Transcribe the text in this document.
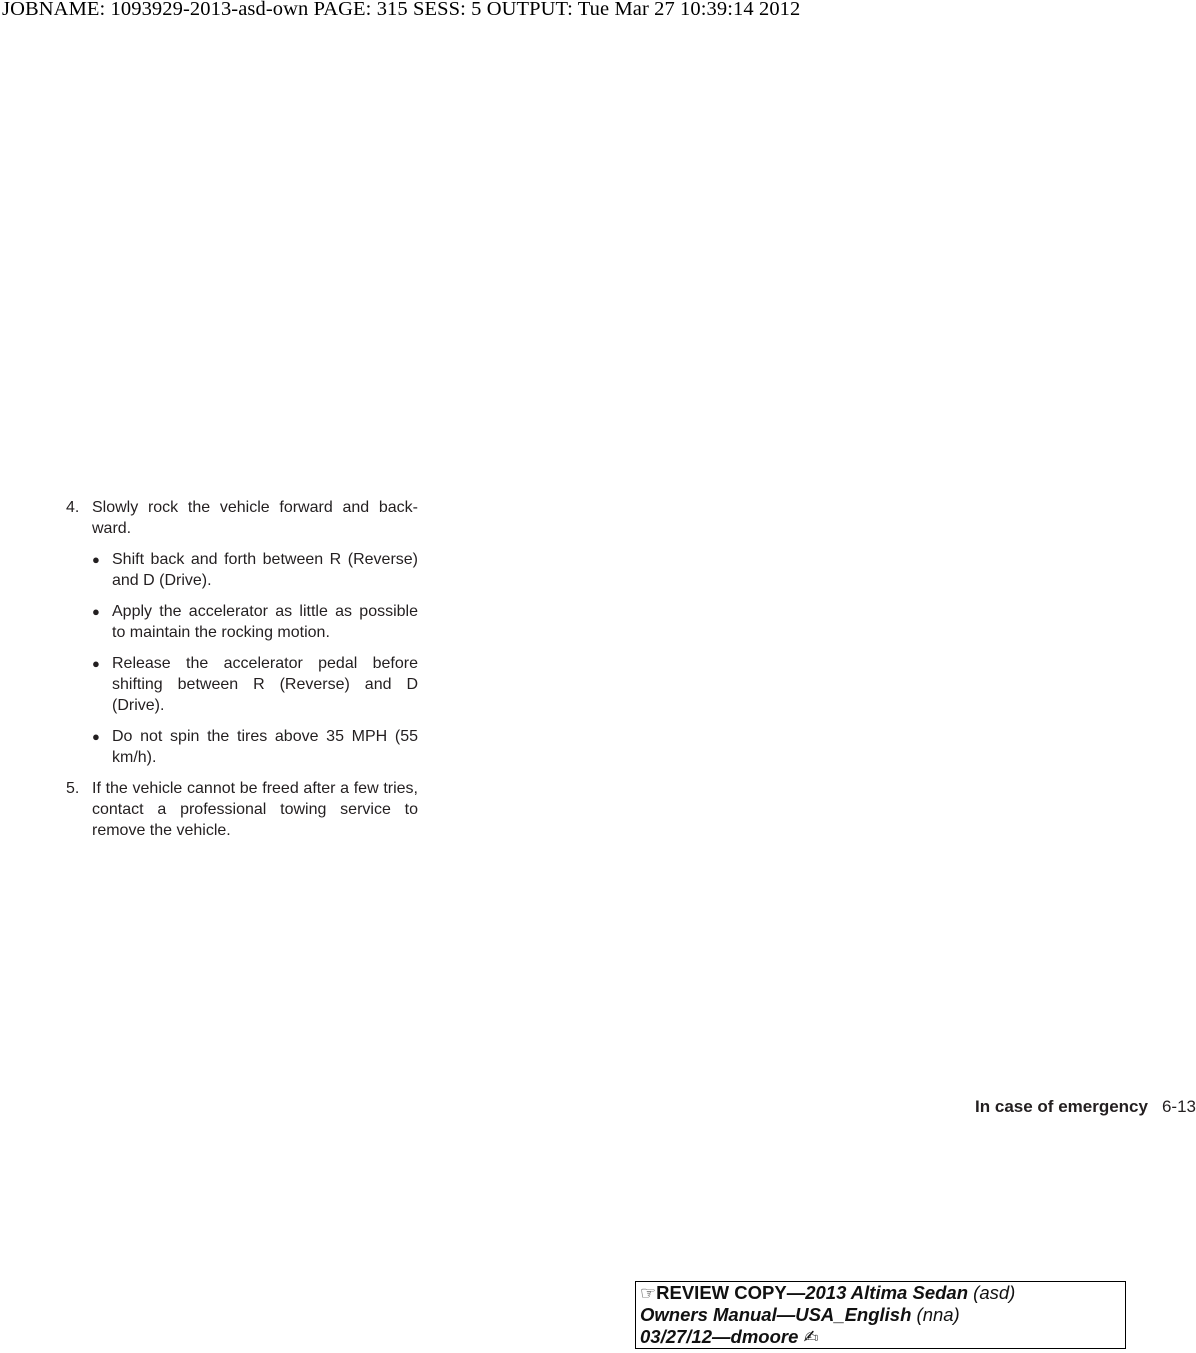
JOBNAME: 1093929-2013-asd-own PAGE: 315 SESS: 5 OUTPUT: Tue Mar 27 10:39:14 2012
4. Slowly rock the vehicle forward and back-ward.
● Shift back and forth between R (Reverse) and D (Drive).
● Apply the accelerator as little as possible to maintain the rocking motion.
● Release the accelerator pedal before shifting between R (Reverse) and D (Drive).
● Do not spin the tires above 35 MPH (55 km/h).
5. If the vehicle cannot be freed after a few tries, contact a professional towing service to remove the vehicle.
In case of emergency 6-13
☞REVIEW COPY—2013 Altima Sedan (asd)
Owners Manual—USA_English (nna)
03/27/12—dmoore ✍
